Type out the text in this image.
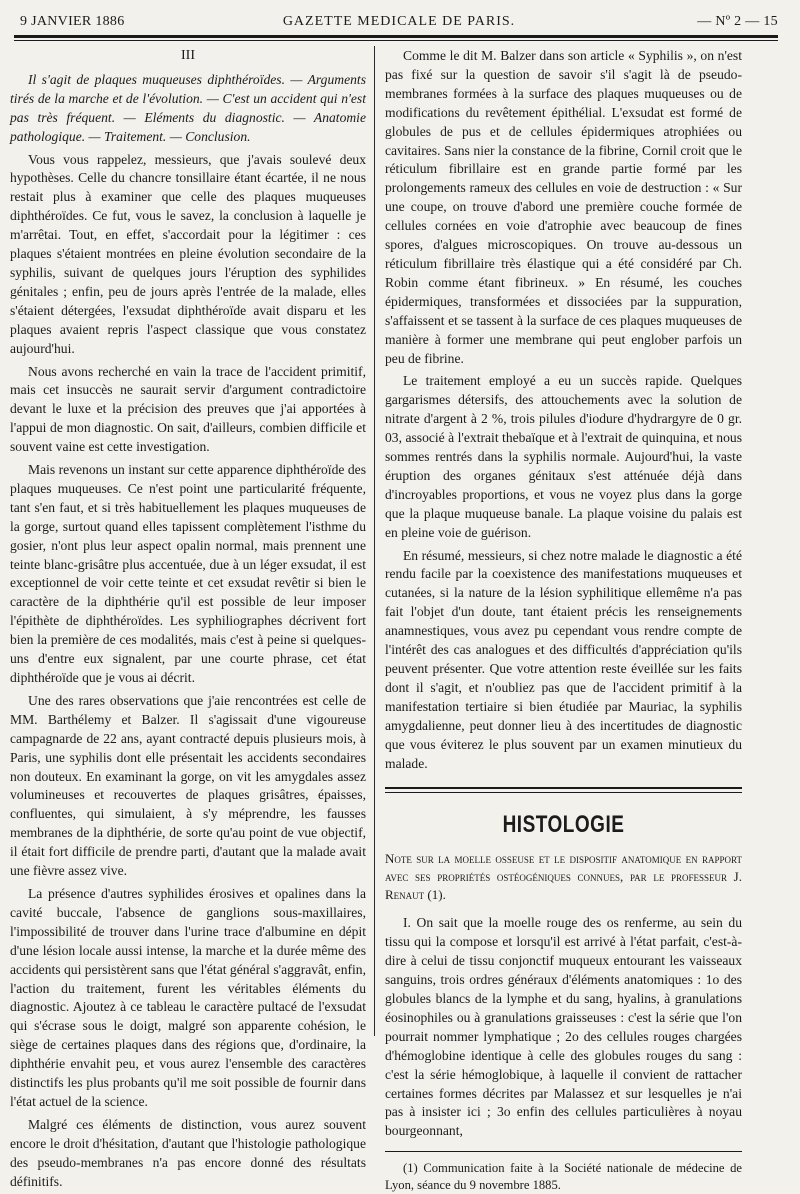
9 JANVIER 1886	GAZETTE MEDICALE DE PARIS.	— Nº 2 — 15
III

Il s'agit de plaques muqueuses diphthéroïdes. — Arguments tirés de la marche et de l'évolution. — C'est un accident qui n'est pas très fréquent. — Eléments du diagnostic. — Anatomie pathologique. — Traitement. — Conclusion.

Vous vous rappelez, messieurs, que j'avais soulevé deux hypothèses. Celle du chancre tonsillaire étant écartée, il ne nous restait plus à examiner que celle des plaques muqueuses diphthéroïdes. Ce fut, vous le savez, la conclusion à laquelle je m'arrêtai. Tout, en effet, s'accordait pour la légitimer : ces plaques s'étaient montrées en pleine évolution secondaire de la syphilis, suivant de quelques jours l'éruption des syphilides génitales ; enfin, peu de jours après l'entrée de la malade, elles s'étaient détergées, l'exsudat diphthéroïde avait disparu et les plaques avaient repris l'aspect classique que vous constatez aujourd'hui.

Nous avons recherché en vain la trace de l'accident primitif, mais cet insuccès ne saurait servir d'argument contradictoire devant le luxe et la précision des preuves que j'ai apportées à l'appui de mon diagnostic. On sait, d'ailleurs, combien difficile et souvent vaine est cette investigation.

Mais revenons un instant sur cette apparence diphthéroïde des plaques muqueuses. Ce n'est point une particularité fréquente, tant s'en faut, et si très habituellement les plaques muqueuses de la gorge, surtout quand elles tapissent complètement l'isthme du gosier, n'ont plus leur aspect opalin normal, mais prennent une teinte blanc-grisâtre plus accentuée, due à un léger exsudat, il est exceptionnel de voir cette teinte et cet exsudat revêtir si bien le caractère de la diphthérie qu'il est possible de leur imposer l'épithète de diphthéroïdes. Les syphiliographes décrivent fort bien la première de ces modalités, mais c'est à peine si quelques-uns d'entre eux signalent, par une courte phrase, cet état diphthéroïde que je vous ai décrit.

Une des rares observations que j'aie rencontrées est celle de MM. Barthélemy et Balzer. Il s'agissait d'une vigoureuse campagnarde de 22 ans, ayant contracté depuis plusieurs mois, à Paris, une syphilis dont elle présentait les accidents secondaires non douteux. En examinant la gorge, on vit les amygdales assez volumineuses et recouvertes de plaques grisâtres, épaisses, confluentes, qui simulaient, à s'y méprendre, les fausses membranes de la diphthérie, de sorte qu'au point de vue objectif, il était fort difficile de prendre parti, d'autant que la malade avait une fièvre assez vive.

La présence d'autres syphilides érosives et opalines dans la cavité buccale, l'absence de ganglions sous-maxillaires, l'impossibilité de trouver dans l'urine trace d'albumine en dépit d'une lésion locale aussi intense, la marche et la durée même des accidents qui persistèrent sans que l'état général s'aggravât, enfin, l'action du traitement, furent les véritables éléments du diagnostic. Ajoutez à ce tableau le caractère pultacé de l'exsudat qui s'écrase sous le doigt, malgré son apparente cohésion, le siège de certaines plaques dans des régions que, d'ordinaire, la diphthérie envahit peu, et vous aurez l'ensemble des caractères distinctifs les plus probants qu'il me soit possible de fournir dans l'état actuel de la science.

Malgré ces éléments de distinction, vous aurez souvent encore le droit d'hésitation, d'autant que l'histologie pathologique des pseudo-membranes n'a pas encore donné des résultats définitifs.

Comme le dit M. Balzer dans son article « Syphilis », on n'est pas fixé sur la question de savoir s'il s'agit là de pseudo-membranes formées à la surface des plaques muqueuses ou de modifications du revêtement épithélial. L'exsudat est formé de globules de pus et de cellules épidermiques atrophiées ou cavitaires. Sans nier la constance de la fibrine, Cornil croit que le réticulum fibrillaire est en grande partie formé par les prolongements rameux des cellules en voie de destruction : « Sur une coupe, on trouve d'abord une première couche formée de cellules cornées en voie d'atrophie avec beaucoup de fines spores, d'algues microscopiques. On trouve au-dessous un réticulum fibrillaire très élastique qui a été considéré par Ch. Robin comme étant fibrineux. » En résumé, les couches épidermiques, transformées et dissociées par la suppuration, s'affaissent et se tassent à la surface de ces plaques muqueuses de manière à former une membrane qui peut englober parfois un peu de fibrine.

Le traitement employé a eu un succès rapide. Quelques gargarismes détersifs, des attouchements avec la solution de nitrate d'argent à 2 %, trois pilules d'iodure d'hydrargyre de 0 gr. 03, associé à l'extrait thebaïque et à l'extrait de quinquina, et nous sommes rentrés dans la syphilis normale. Aujourd'hui, la vaste éruption des organes génitaux s'est atténuée déjà dans d'incroyables proportions, et vous ne voyez plus dans la gorge que la plaque muqueuse banale. La plaque voisine du palais est en pleine voie de guérison.

En résumé, messieurs, si chez notre malade le diagnostic a été rendu facile par la coexistence des manifestations muqueuses et cutanées, si la nature de la lésion syphilitique ellemême n'a pas fait l'objet d'un doute, tant étaient précis les renseignements anamnestiques, vous avez pu cependant vous rendre compte de l'intérêt des cas analogues et des difficultés d'appréciation qu'ils peuvent présenter. Que votre attention reste éveillée sur les faits dont il s'agit, et n'oubliez pas que de l'accident primitif à la manifestation tertiaire si bien étudiée par Mauriac, la syphilis amygdalienne, peut donner lieu à des incertitudes de diagnostic que vous éviterez le plus souvent par un examen minutieux du malade.

HISTOLOGIE

Note sur la moelle osseuse et le dispositif anatomique en rapport avec ses propriétés ostéogéniques connues, par le professeur J. Renaut (1).

I. On sait que la moelle rouge des os renferme, au sein du tissu qui la compose et lorsqu'il est arrivé à l'état parfait, c'est-à-dire à celui de tissu conjonctif muqueux entourant les vaisseaux sanguins, trois ordres généraux d'éléments anatomiques : 1o des globules blancs de la lymphe et du sang, hyalins, à granulations éosinophiles ou à granulations graisseuses : c'est la série que l'on pourrait nommer lymphatique ; 2o des cellules rouges chargées d'hémoglobine identique à celle des globules rouges du sang : c'est la série hémoglobique, à laquelle il convient de rattacher certaines formes décrites par Malassez et sur lesquelles je n'ai pas à insister ici ; 3o enfin des cellules particulières à noyau bourgeonnant,

(1) Communication faite à la Société nationale de médecine de Lyon, séance du 9 novembre 1885.
